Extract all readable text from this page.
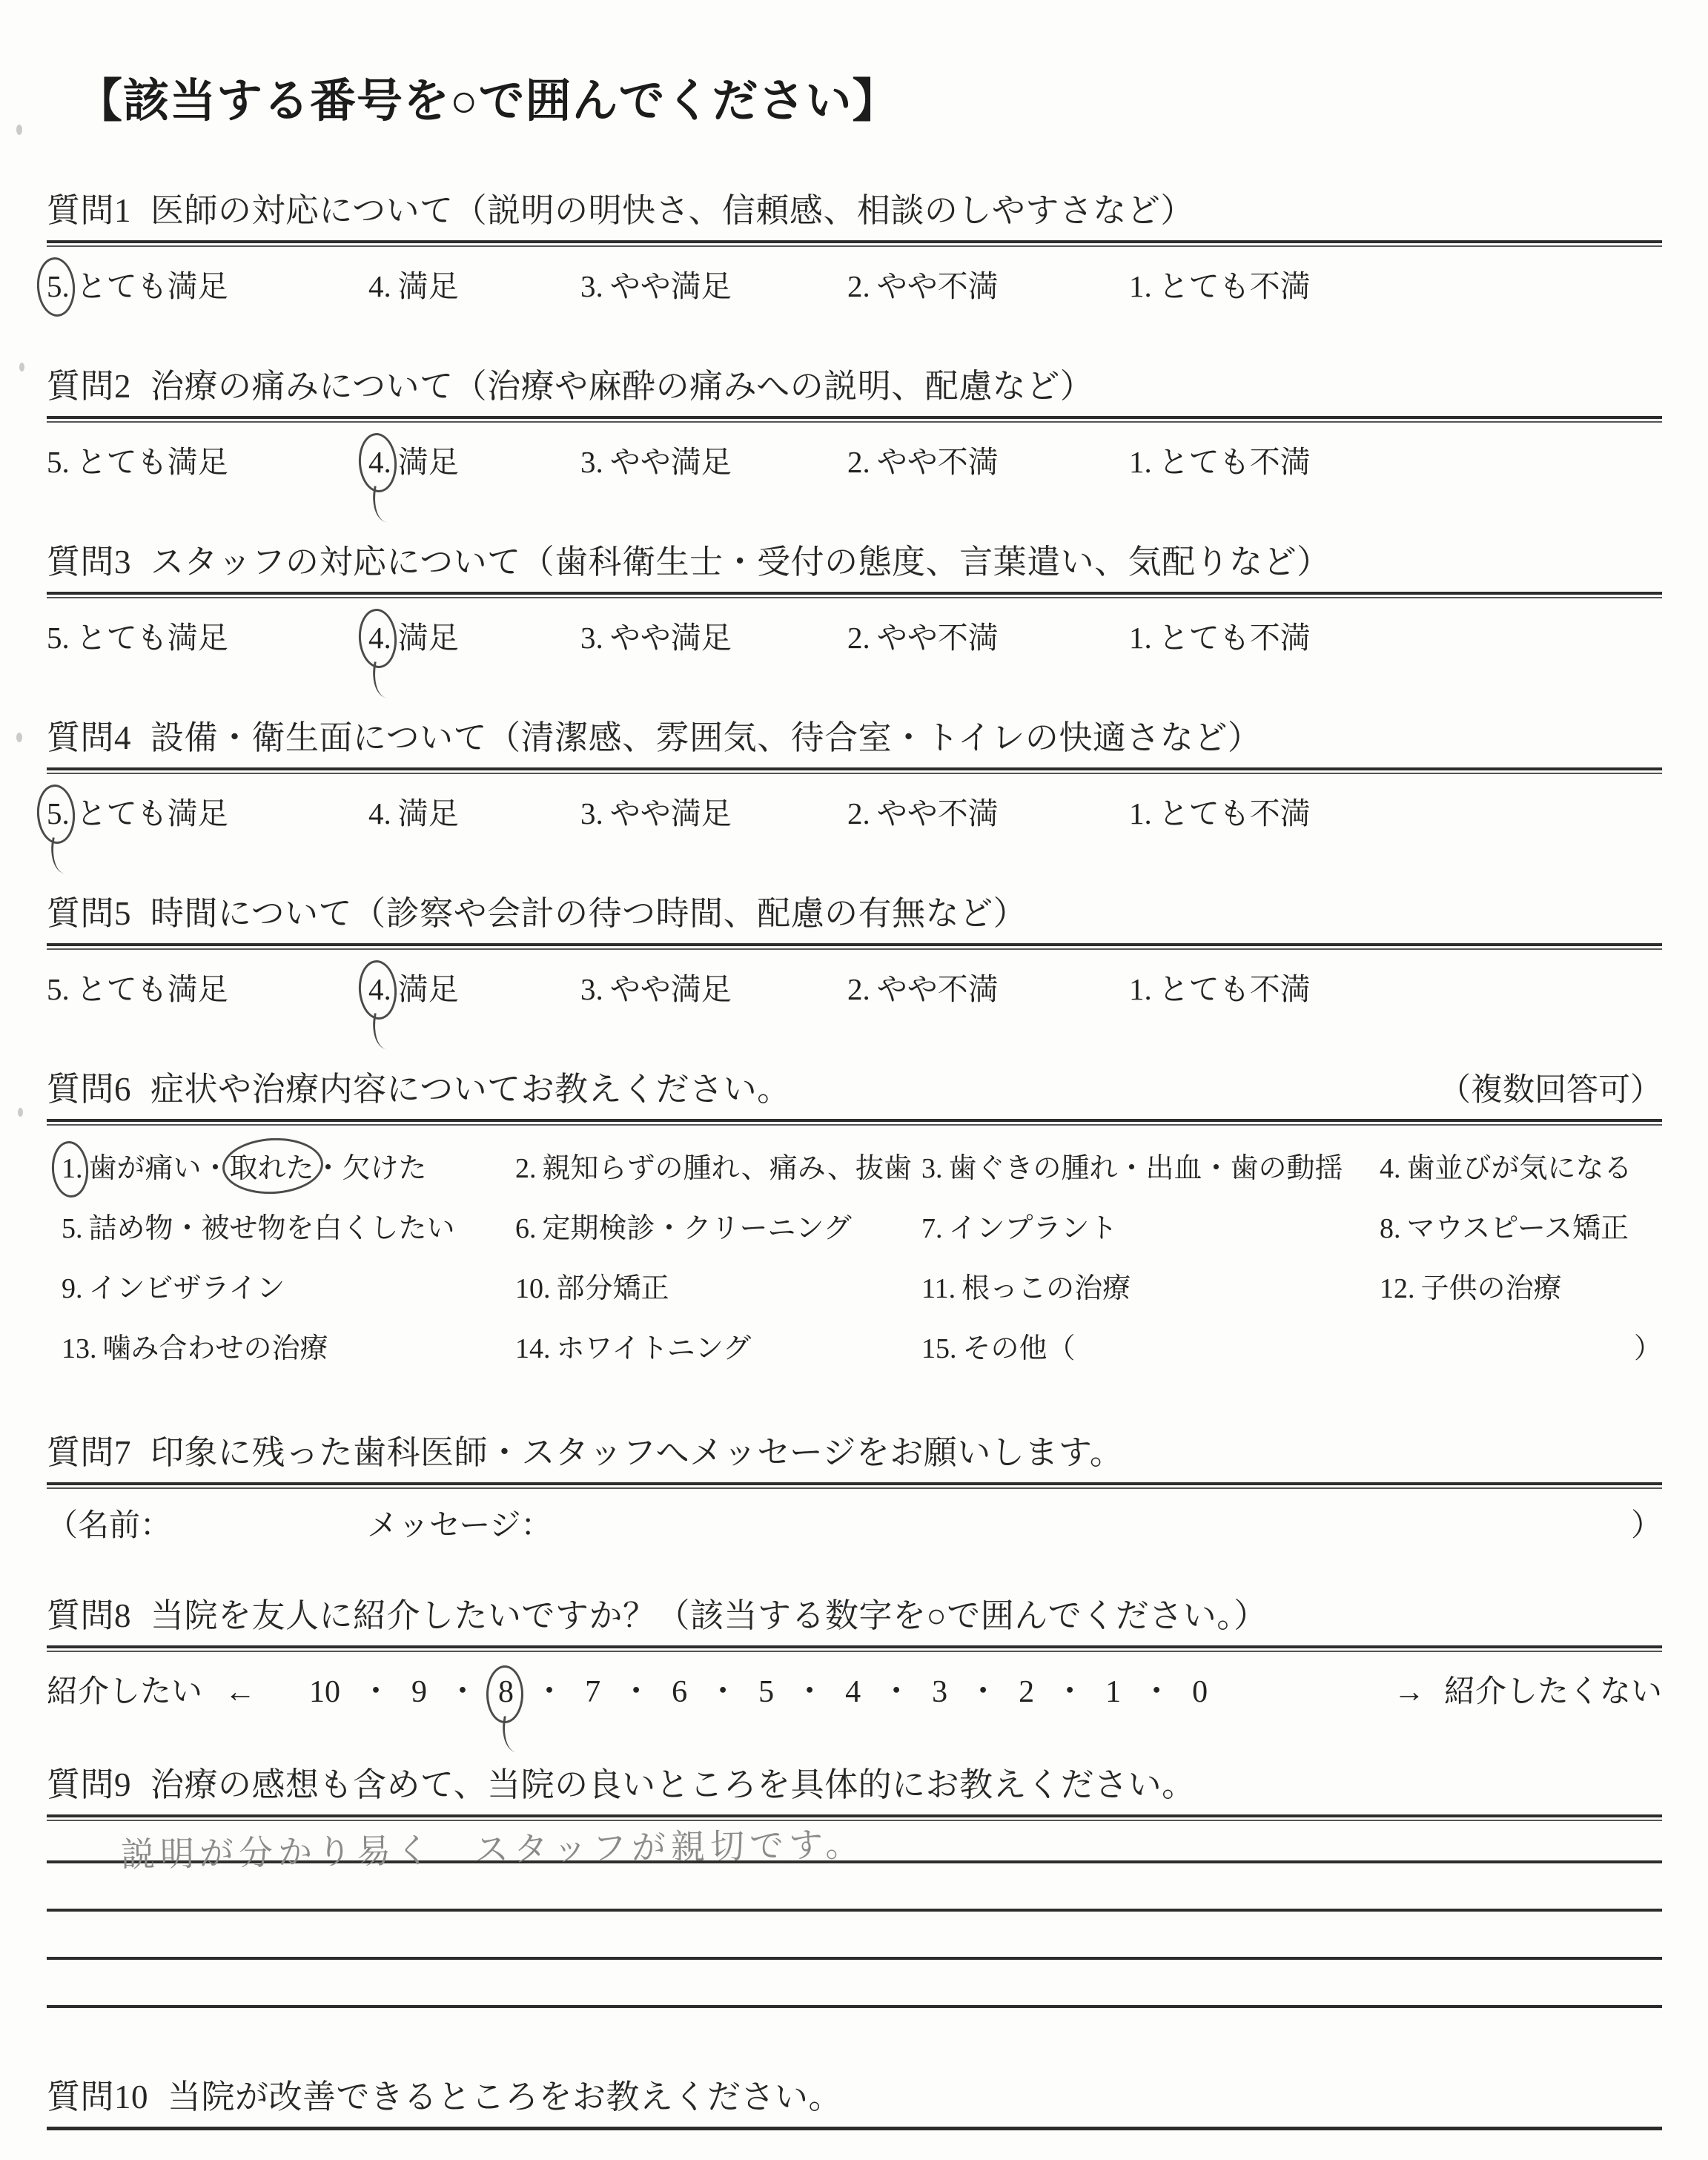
【該当する番号を○で囲んでください】
質問1 医師の対応について（説明の明快さ、信頼感、相談のしやすさなど）
5. とても満足	4. 満足	3. やや満足	2. やや不満	1. とても不満
質問2 治療の痛みについて（治療や麻酔の痛みへの説明、配慮など）
5. とても満足	4. 満足	3. やや満足	2. やや不満	1. とても不満
質問3 スタッフの対応について（歯科衛生士・受付の態度、言葉遣い、気配りなど）
5. とても満足	4. 満足	3. やや満足	2. やや不満	1. とても不満
質問4 設備・衛生面について（清潔感、雰囲気、待合室・トイレの快適さなど）
5. とても満足	4. 満足	3. やや満足	2. やや不満	1. とても不満
質問5 時間について（診察や会計の待つ時間、配慮の有無など）
5. とても満足	4. 満足	3. やや満足	2. やや不満	1. とても不満
質問6 症状や治療内容についてお教えください。	（複数回答可）
1. 歯が痛い・取れた・欠けた	2. 親知らずの腫れ、痛み、抜歯 3. 歯ぐきの腫れ・出血・歯の動揺	4. 歯並びが気になる
5. 詰め物・被せ物を白くしたい	6. 定期検診・クリーニング	7. インプラント	8. マウスピース矯正
9. インビザライン	10. 部分矯正	11. 根っこの治療	12. 子供の治療
13. 噛み合わせの治療	14. ホワイトニング	15. その他（	）
質問7 印象に残った歯科医師・スタッフへメッセージをお願いします。
（名前：	メッセージ：	）
質問8 当院を友人に紹介したいですか？（該当する数字を○で囲んでください。）
紹介したい ← 10 ・ 9 ・ 8 ・ 7 ・ 6 ・ 5 ・ 4 ・ 3 ・ 2 ・ 1 ・ 0	→ 紹介したくない
質問9 治療の感想も含めて、当院の良いところを具体的にお教えください。
説明が分かり易く　スタッフが親切です。
質問10 当院が改善できるところをお教えください。
